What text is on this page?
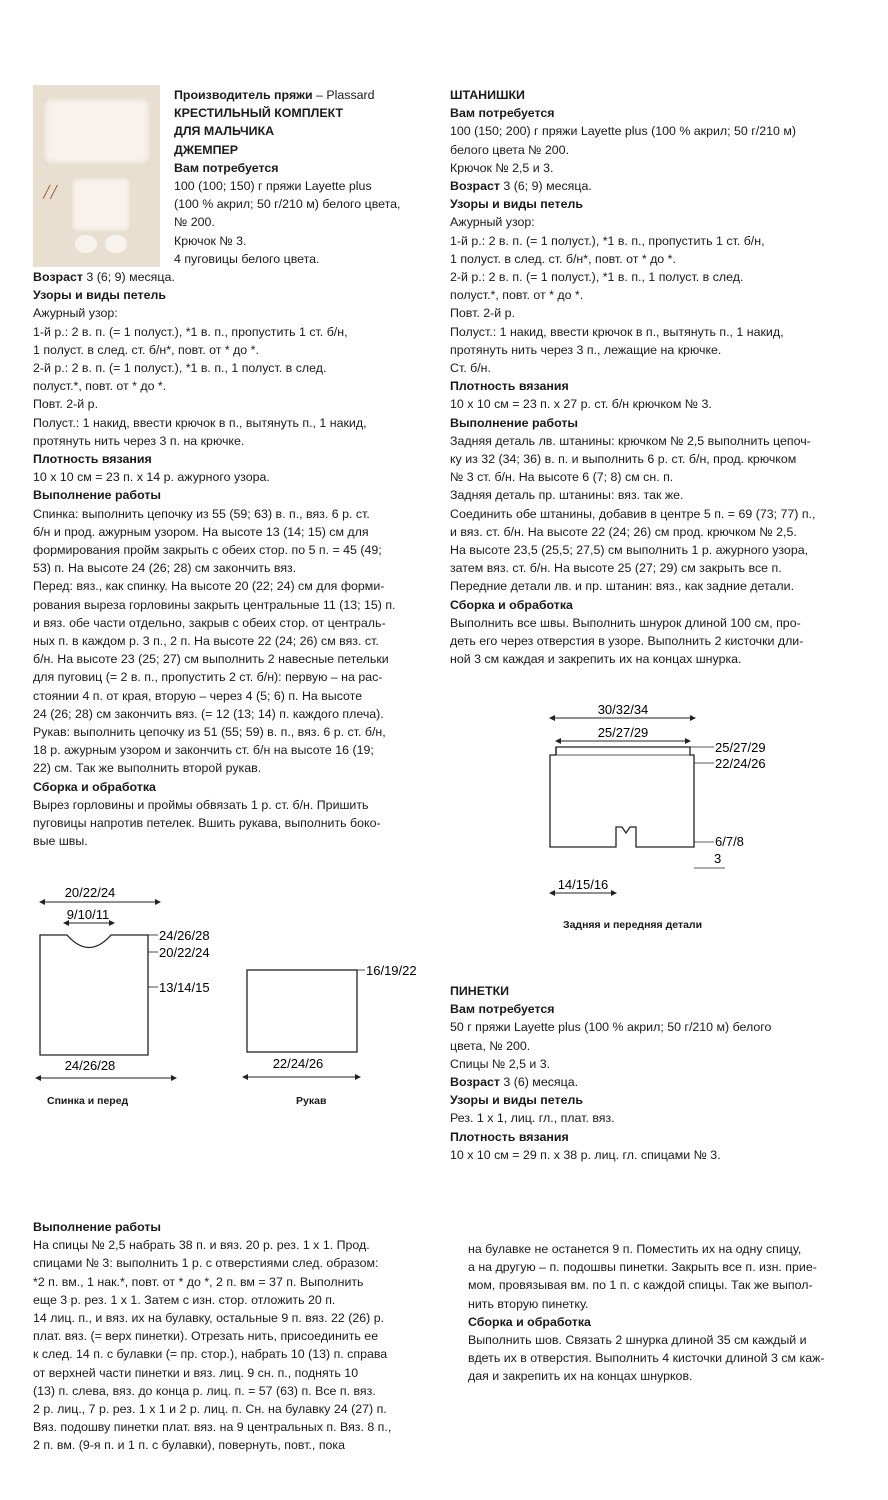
╱╱
Производитель пряжи – Plassard
КРЕСТИЛЬНЫЙ КОМПЛЕКТ
ДЛЯ МАЛЬЧИКА
ДЖЕМПЕР
Вам потребуется
100 (100; 150) г пряжи Layette plus
(100 % акрил; 50 г/210 м) белого цвета,
№ 200.
Крючок № 3.
4 пуговицы белого цвета.
Возраст 3 (6; 9) месяца.
Узоры и виды петель
Ажурный узор:
1-й р.: 2 в. п. (= 1 полуст.), *1 в. п., пропустить 1 ст. б/н,
1 полуст. в след. ст. б/н*, повт. от * до *.
2-й р.: 2 в. п. (= 1 полуст.), *1 в. п., 1 полуст. в след.
полуст.*, повт. от * до *.
Повт. 2-й р.
Полуст.: 1 накид, ввести крючок в п., вытянуть п., 1 накид,
протянуть нить через 3 п. на крючке.
Плотность вязания
10 х 10 см = 23 п. х 14 р. ажурного узора.
Выполнение работы
Спинка: выполнить цепочку из 55 (59; 63) в. п., вяз. 6 р. ст.
б/н и прод. ажурным узором. На высоте 13 (14; 15) см для
формирования пройм закрыть с обеих стор. по 5 п. = 45 (49;
53) п. На высоте 24 (26; 28) см закончить вяз.
Перед: вяз., как спинку. На высоте 20 (22; 24) см для форми-
рования выреза горловины закрыть центральные 11 (13; 15) п.
и вяз. обе части отдельно, закрыв с обеих стор. от централь-
ных п. в каждом р. 3 п., 2 п. На высоте 22 (24; 26) см вяз. ст.
б/н. На высоте 23 (25; 27) см выполнить 2 навесные петельки
для пуговиц (= 2 в. п., пропустить 2 ст. б/н): первую – на рас-
стоянии 4 п. от края, вторую – через 4 (5; 6) п. На высоте
24 (26; 28) см закончить вяз. (= 12 (13; 14) п. каждого плеча).
Рукав: выполнить цепочку из 51 (55; 59) в. п., вяз. 6 р. ст. б/н,
18 р. ажурным узором и закончить ст. б/н на высоте 16 (19;
22) см. Так же выполнить второй рукав.
Сборка и обработка
Вырез горловины и проймы обвязать 1 р. ст. б/н. Пришить
пуговицы напротив петелек. Вшить рукава, выполнить боко-
вые швы.
ШТАНИШКИ
Вам потребуется
100 (150; 200) г пряжи Layette plus (100 % акрил; 50 г/210 м)
белого цвета № 200.
Крючок № 2,5 и 3.
Возраст 3 (6; 9) месяца.
Узоры и виды петель
Ажурный узор:
1-й р.: 2 в. п. (= 1 полуст.), *1 в. п., пропустить 1 ст. б/н,
1 полуст. в след. ст. б/н*, повт. от * до *.
2-й р.: 2 в. п. (= 1 полуст.), *1 в. п., 1 полуст. в след.
полуст.*, повт. от * до *.
Повт. 2-й р.
Полуст.: 1 накид, ввести крючок в п., вытянуть п., 1 накид,
протянуть нить через 3 п., лежащие на крючке.
Ст. б/н.
Плотность вязания
10 х 10 см = 23 п. х 27 р. ст. б/н крючком № 3.
Выполнение работы
Задняя деталь лв. штанины: крючком № 2,5 выполнить цепоч-
ку из 32 (34; 36) в. п. и выполнить 6 р. ст. б/н, прод. крючком
№ 3 ст. б/н. На высоте 6 (7; 8) см сн. п.
Задняя деталь пр. штанины: вяз. так же.
Соединить обе штанины, добавив в центре 5 п. = 69 (73; 77) п.,
и вяз. ст. б/н. На высоте 22 (24; 26) см прод. крючком № 2,5.
На высоте 23,5 (25,5; 27,5) см выполнить 1 р. ажурного узора,
затем вяз. ст. б/н. На высоте 25 (27; 29) см закрыть все п.
Передние детали лв. и пр. штанин: вяз., как задние детали.
Сборка и обработка
Выполнить все швы. Выполнить шнурок длиной 100 см, про-
деть его через отверстия в узоре. Выполнить 2 кисточки дли-
ной 3 см каждая и закрепить их на концах шнурка.
30/32/34
25/27/29
25/27/29
22/24/26
6/7/8
3
14/15/16
Задняя и передняя детали
20/22/24
9/10/11
24/26/28
20/22/24
13/14/15
24/26/28
Спинка и перед
16/19/22
22/24/26
Рукав
ПИНЕТКИ
Вам потребуется
50 г пряжи Layette plus (100 % акрил; 50 г/210 м) белого
цвета, № 200.
Спицы № 2,5 и 3.
Возраст 3 (6) месяца.
Узоры и виды петель
Рез. 1 х 1, лиц. гл., плат. вяз.
Плотность вязания
10 х 10 см = 29 п. х 38 р. лиц. гл. спицами № 3.
Выполнение работы
На спицы № 2,5 набрать 38 п. и вяз. 20 р. рез. 1 х 1. Прод.
спицами № 3: выполнить 1 р. с отверстиями след. образом:
*2 п. вм., 1 нак.*, повт. от * до *, 2 п. вм = 37 п. Выполнить
еще 3 р. рез. 1 х 1. Затем с изн. стор. отложить 20 п.
14 лиц. п., и вяз. их на булавку, остальные 9 п. вяз. 22 (26) р.
плат. вяз. (= верх пинетки). Отрезать нить, присоединить ее
к след. 14 п. с булавки (= пр. стор.), набрать 10 (13) п. справа
от верхней части пинетки и вяз. лиц. 9 сн. п., поднять 10
(13) п. слева, вяз. до конца р. лиц. п. = 57 (63) п. Все п. вяз.
2 р. лиц., 7 р. рез. 1 х 1 и 2 р. лиц. п. Сн. на булавку 24 (27) п.
Вяз. подошву пинетки плат. вяз. на 9 центральных п. Вяз. 8 п.,
2 п. вм. (9-я п. и 1 п. с булавки), повернуть, повт., пока
на булавке не останется 9 п. Поместить их на одну спицу,
а на другую – п. подошвы пинетки. Закрыть все п. изн. прие-
мом, провязывая вм. по 1 п. с каждой спицы. Так же выпол-
нить вторую пинетку.
Сборка и обработка
Выполнить шов. Связать 2 шнурка длиной 35 см каждый и
вдеть их в отверстия. Выполнить 4 кисточки длиной 3 см каж-
дая и закрепить их на концах шнурков.
